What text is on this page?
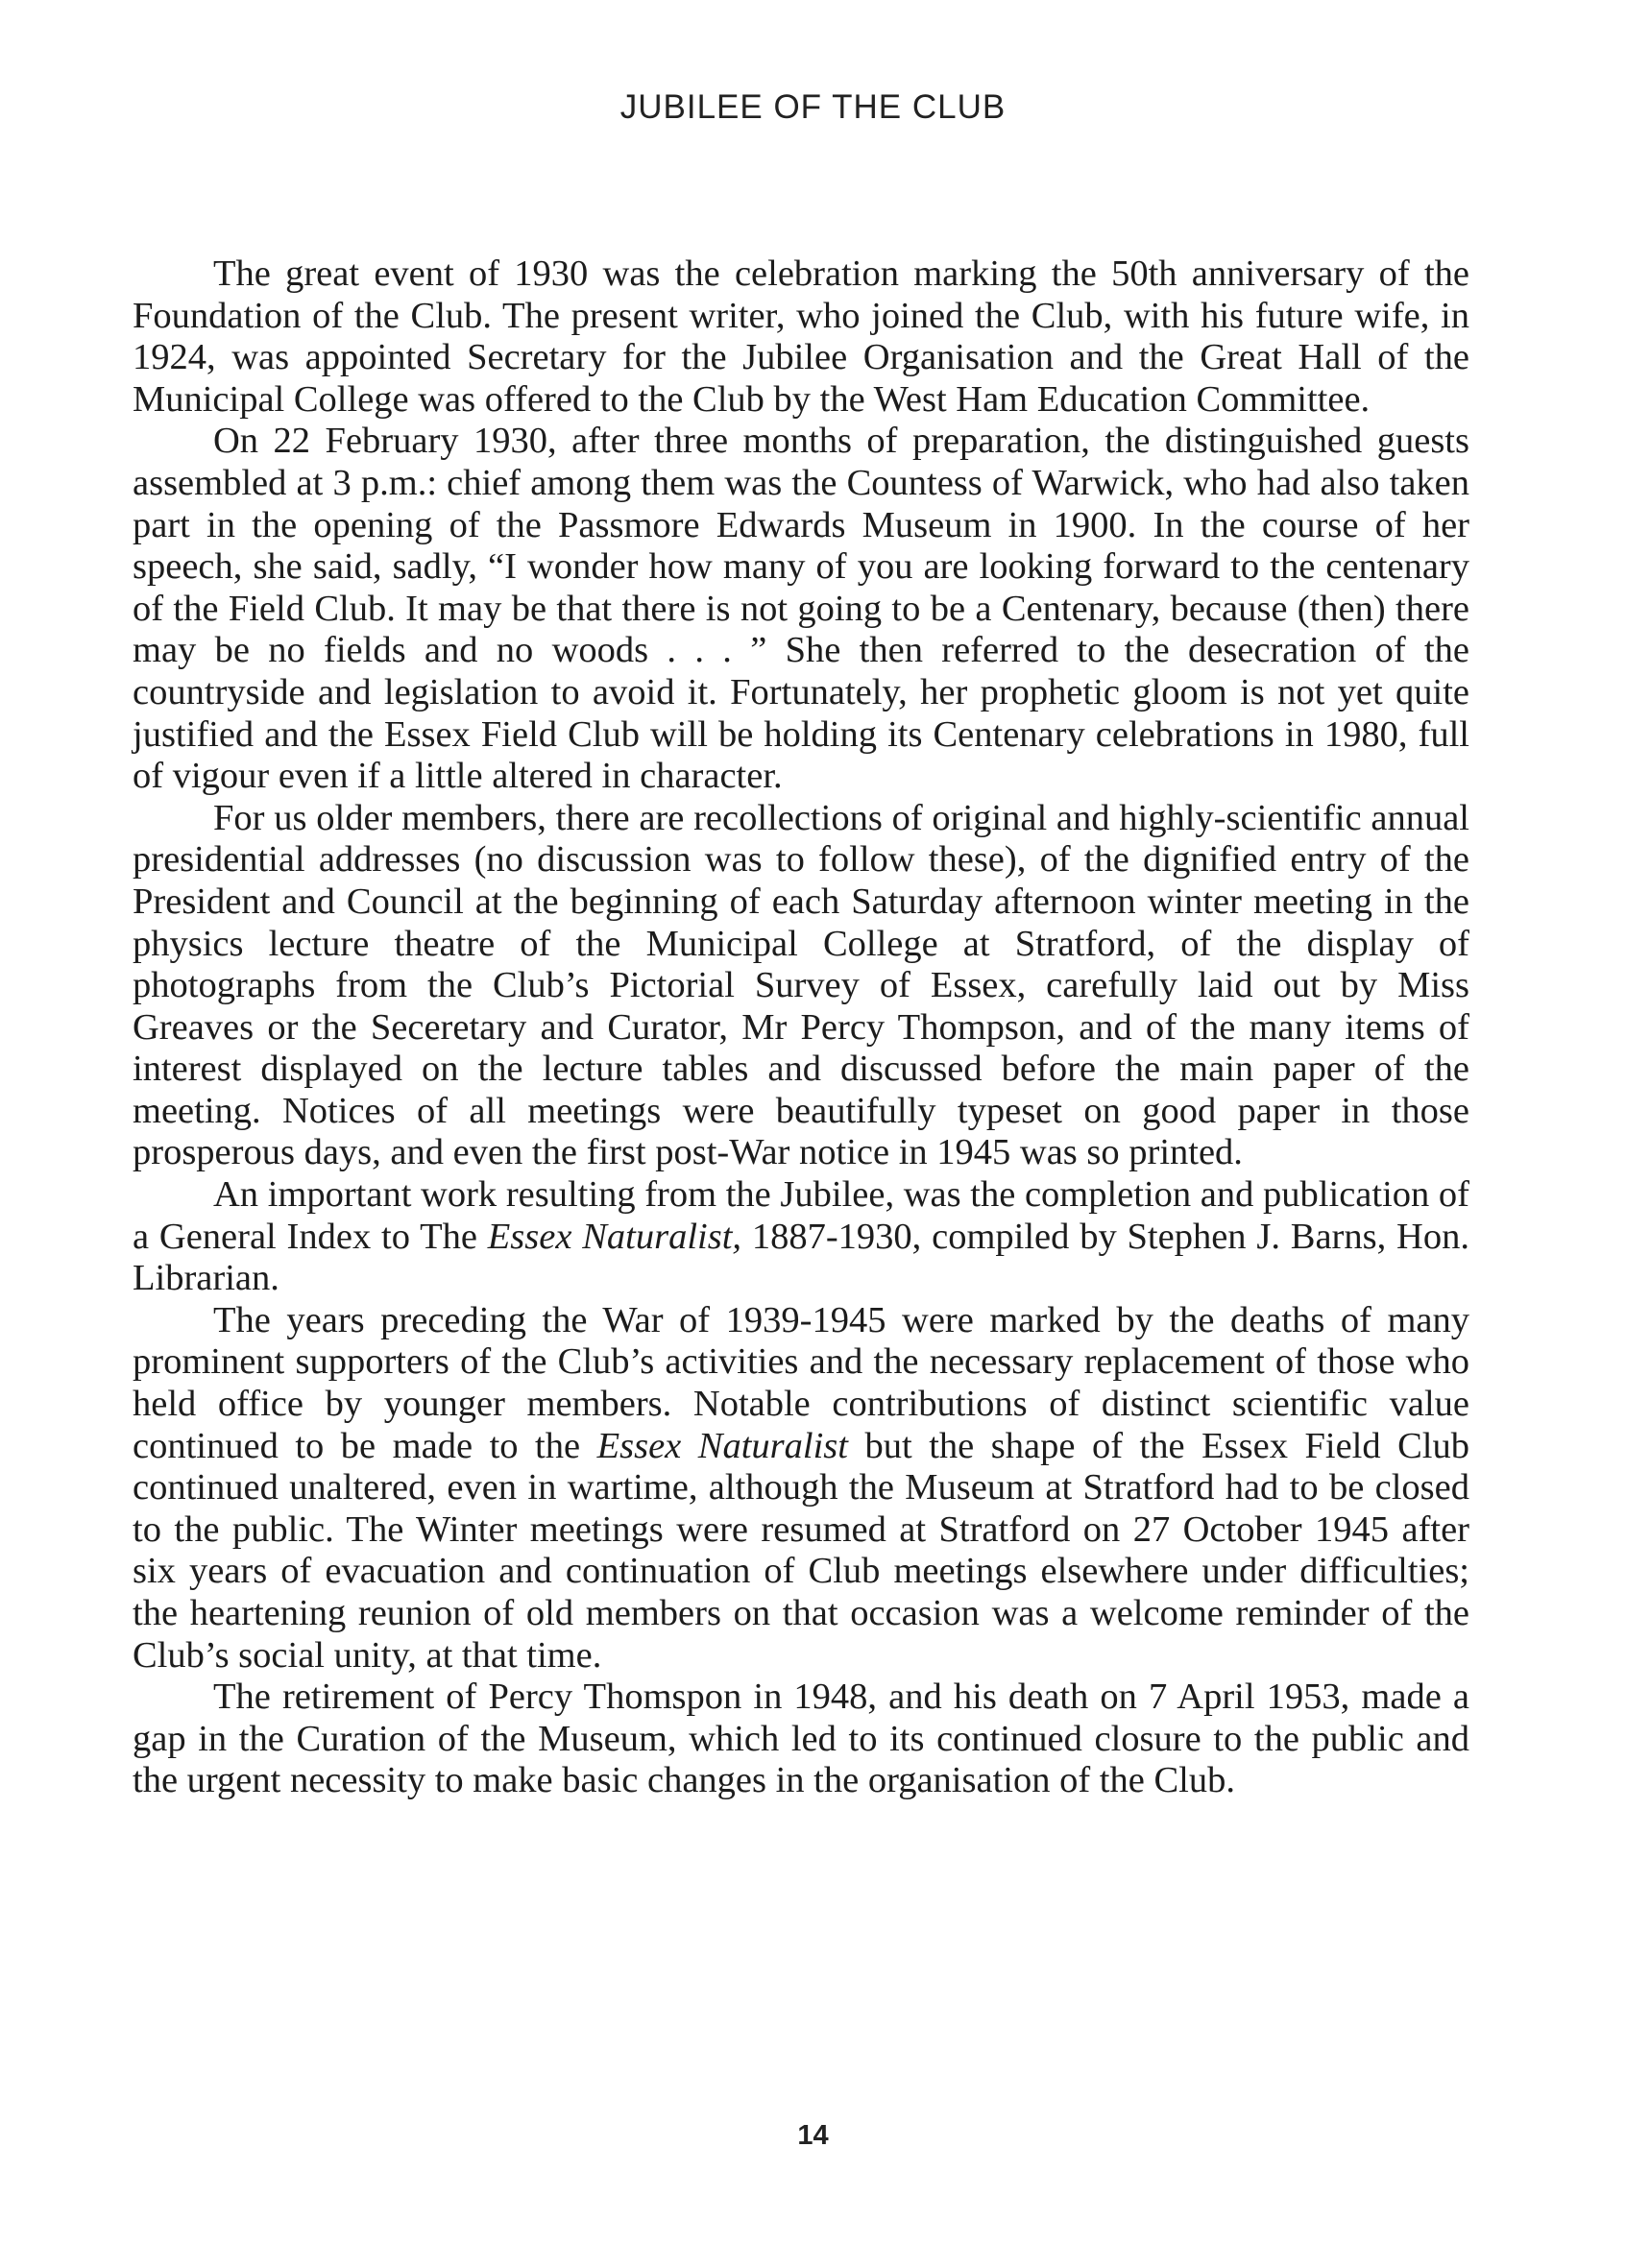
JUBILEE OF THE CLUB

The great event of 1930 was the celebration marking the 50th anniversary of the Foundation of the Club. The present writer, who joined the Club, with his future wife, in 1924, was appointed Secretary for the Jubilee Organisation and the Great Hall of the Municipal College was offered to the Club by the West Ham Education Committee.

On 22 February 1930, after three months of preparation, the distinguished guests assembled at 3 p.m.: chief among them was the Countess of Warwick, who had also taken part in the opening of the Passmore Edwards Museum in 1900. In the course of her speech, she said, sadly, “I wonder how many of you are looking forward to the centenary of the Field Club. It may be that there is not going to be a Centenary, because (then) there may be no fields and no woods . . . ” She then referred to the desecration of the countryside and legislation to avoid it. Fortunately, her prophetic gloom is not yet quite justified and the Essex Field Club will be holding its Centenary celebrations in 1980, full of vigour even if a little altered in character.

For us older members, there are recollections of original and highly-scientific annual presidential addresses (no discussion was to follow these), of the dignified entry of the President and Council at the beginning of each Saturday afternoon winter meeting in the physics lecture theatre of the Municipal College at Stratford, of the display of photographs from the Club’s Pictorial Survey of Essex, carefully laid out by Miss Greaves or the Seceretary and Curator, Mr Percy Thompson, and of the many items of interest displayed on the lecture tables and discussed before the main paper of the meeting. Notices of all meetings were beautifully typeset on good paper in those prosperous days, and even the first post-War notice in 1945 was so printed.

An important work resulting from the Jubilee, was the completion and publication of a General Index to The Essex Naturalist, 1887-1930, compiled by Stephen J. Barns, Hon. Librarian.

The years preceding the War of 1939-1945 were marked by the deaths of many prominent supporters of the Club’s activities and the necessary replacement of those who held office by younger members. Notable contributions of distinct scientific value continued to be made to the Essex Naturalist but the shape of the Essex Field Club continued unaltered, even in wartime, although the Museum at Stratford had to be closed to the public. The Winter meetings were resumed at Stratford on 27 October 1945 after six years of evacuation and continuation of Club meetings elsewhere under difficulties; the heartening reunion of old members on that occasion was a welcome reminder of the Club’s social unity, at that time.

The retirement of Percy Thomspon in 1948, and his death on 7 April 1953, made a gap in the Curation of the Museum, which led to its continued closure to the public and the urgent necessity to make basic changes in the organisation of the Club.

14
